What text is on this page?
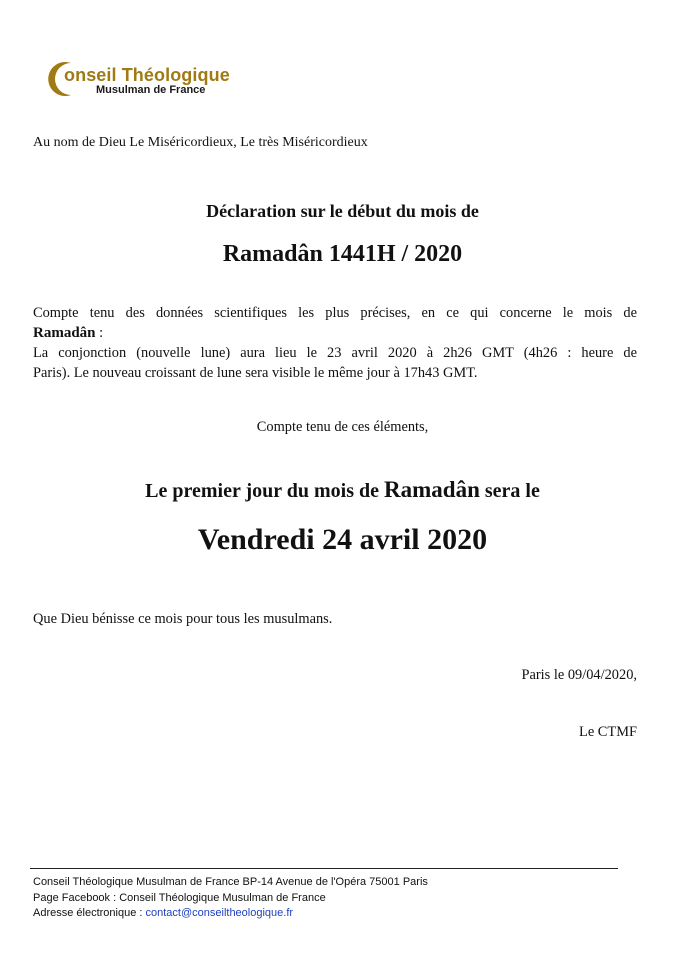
onseil Théologique
Musulman de France
Au nom de Dieu Le Miséricordieux, Le très Miséricordieux
Déclaration sur le début du mois de
Ramadân 1441H / 2020
Compte tenu des données scientifiques les plus précises, en ce qui concerne le mois de
Ramadân :
La conjonction (nouvelle lune) aura lieu le 23 avril 2020 à 2h26 GMT (4h26 : heure de
Paris). Le nouveau croissant de lune sera visible le même jour à 17h43 GMT.
Compte tenu de ces éléments,
Le premier jour du mois de Ramadân sera le
Vendredi 24 avril 2020
Que Dieu bénisse ce mois pour tous les musulmans.
Paris le 09/04/2020,
Le CTMF
Conseil Théologique Musulman de France BP-14 Avenue de l'Opéra 75001 Paris
Page Facebook : Conseil Théologique Musulman de France
Adresse électronique : contact@conseiltheologique.fr
